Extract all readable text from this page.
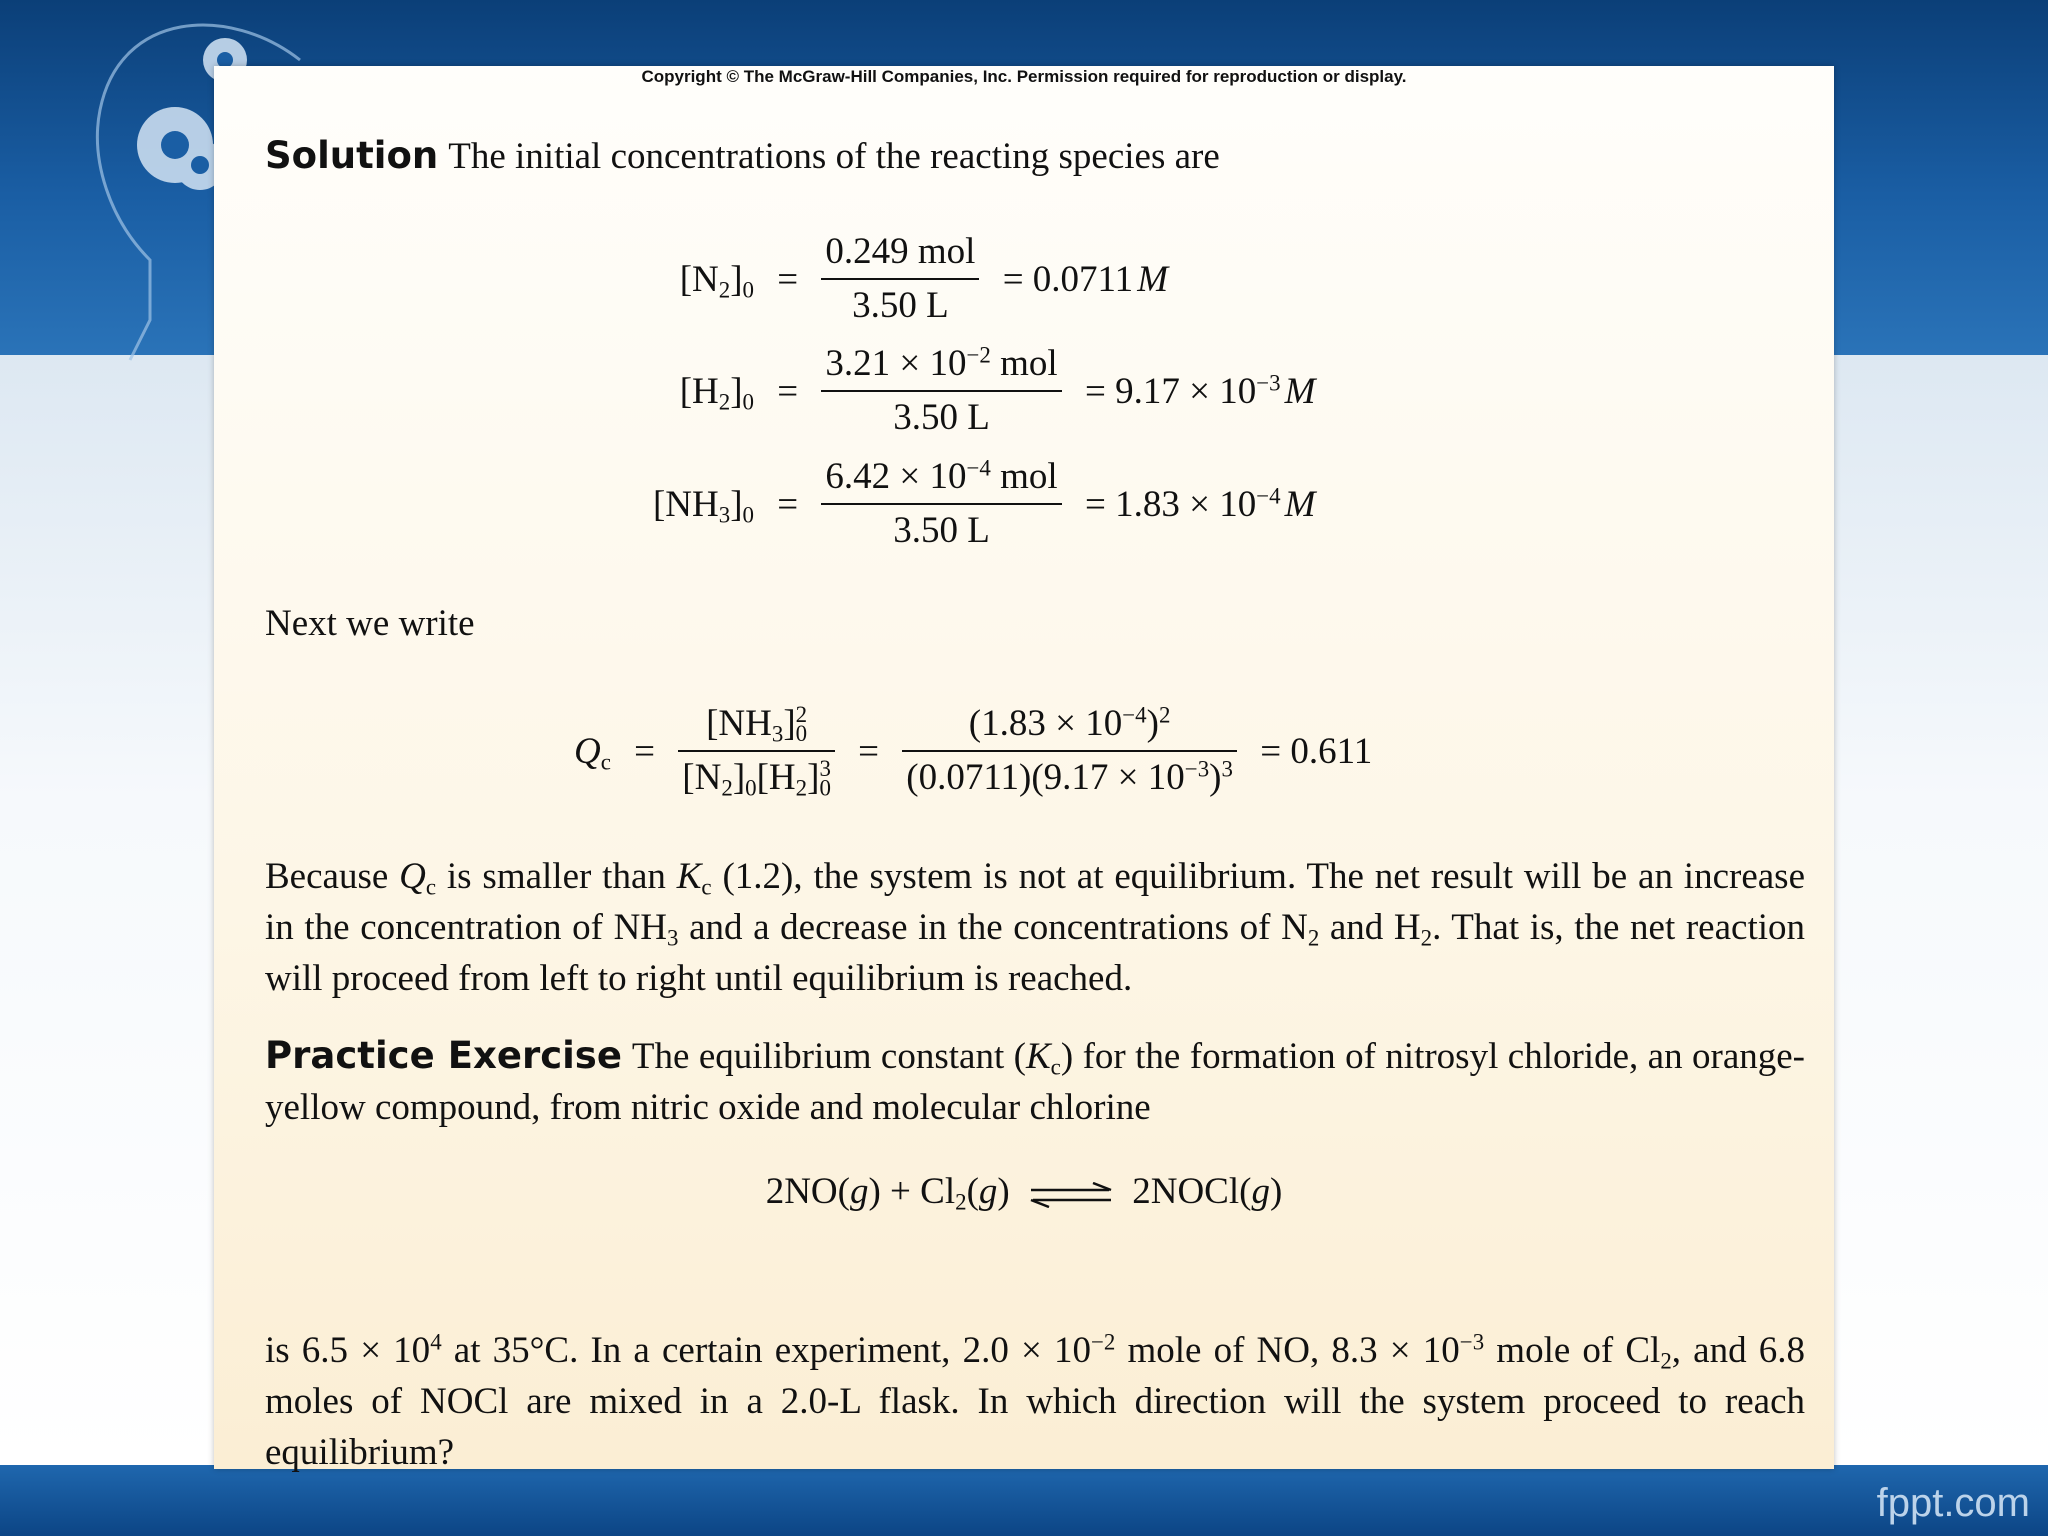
fppt.com
Copyright © The McGraw-Hill Companies, Inc. Permission required for reproduction or display.
Solution The initial concentrations of the reacting species are
$[N_2]_0 = \frac{\text{0.249 mol}}{3.50 L} = 0.0711$ M
$[H_2]_0 = \frac{3.21 \times 10^{-2} mol}{3.50 L} = 9.17 \times 10^{-3}$ M
$[NH_3]_0 = \frac{6.42 \times 10^{-4} mol}{3.50 L} = 1.83 \times 10^{-4}$ M
Next we write
$Q_c = \frac{[NH_3]_0^2}{[N_2]_0[H_2]_0^3} = \frac{(1.83 \times 10^{-4})^2}{(0.0711)(9.17 \times 10^{-3})^3} = 0.611$
Because $Q_c$ is smaller than $K_c$ (1.2), the system is not at equilibrium. The net result will be an increase in the concentration of $NH_3$ and a decrease in the concentrations of $N_2$ and $H_2$. That is, the net reaction will proceed from left to right until equilibrium is reached.
Practice Exercise The equilibrium constant $(K_c)$ for the formation of nitrosyl chloride, an orange-yellow compound, from nitric oxide and molecular chlorine
$2NO(g) + Cl_2(g)$ ⇌ 2NOCl(g)
is $6.5 \times 10^4$ at 35°C. In a certain experiment, $2.0 \times 10^{-2}$ mole of NO, $8.3 \times 10^{-3}$ mole of $Cl_2$, and 6.8 moles of NOCl are mixed in a 2.0-L flask. In which direction will the system proceed to reach equilibrium?
